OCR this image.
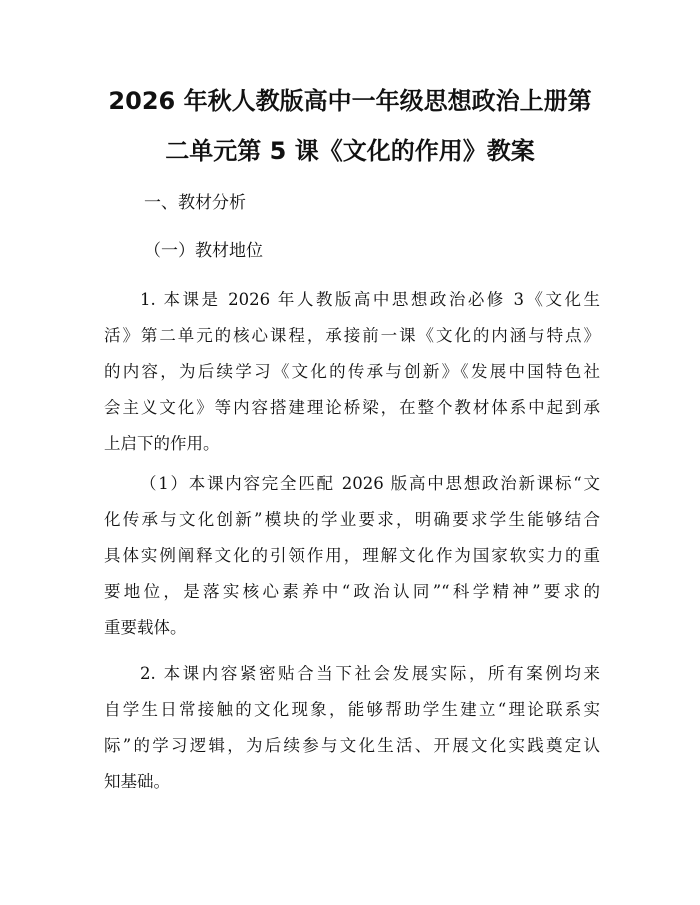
2026 年秋人教版高中一年级思想政治上册第
二单元第 5 课《文化的作用》教案

一、教材分析

（一）教材地位

1. 本课是 2026 年人教版高中思想政治必修 3《文化生
活》第二单元的核心课程，承接前一课《文化的内涵与特点》
的内容，为后续学习《文化的传承与创新》《发展中国特色社
会主义文化》等内容搭建理论桥梁，在整个教材体系中起到承
上启下的作用。
（1）本课内容完全匹配 2026 版高中思想政治新课标“文
化传承与文化创新”模块的学业要求，明确要求学生能够结合
具体实例阐释文化的引领作用，理解文化作为国家软实力的重
要地位，是落实核心素养中“政治认同”“科学精神”要求的
重要载体。
2. 本课内容紧密贴合当下社会发展实际，所有案例均来
自学生日常接触的文化现象，能够帮助学生建立“理论联系实
际”的学习逻辑，为后续参与文化生活、开展文化实践奠定认
知基础。
